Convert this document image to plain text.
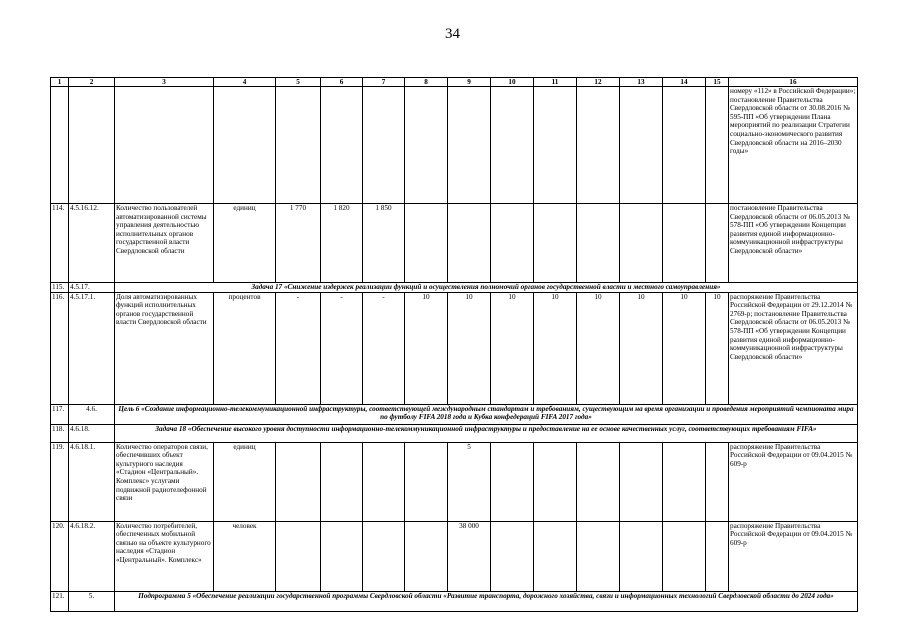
34
1	2	3	4	5	6	7	8	9	10	11	12	13	14	15	16
															номеру «112» в Российской Федерации»; постановление Правительства Свердловской области от 30.08.2016 № 595-ПП «Об утверждении Плана мероприятий по реализации Стратегии социально-экономического развития Свердловской области на 2016–2030 годы»
114.	4.5.16.12.	Количество пользователей автоматизированной системы управления деятельностью исполнительных органов государственной власти Свердловской области	единиц	1 770	1 820	1 850									постановление Правительства Свердловской области от 06.05.2013 № 578-ПП «Об утверждении Концепции развития единой информационно-коммуникационной инфраструктуры Свердловской области»
115.	4.5.17.	Задача 17 «Снижение издержек реализации функций и осуществления полномочий органов государственной власти и местного самоуправления»													
116.	4.5.17.1.	Доля автоматизированных функций исполнительных органов государственной власти Свердловской области	процентов	-	-	-	10	10	10	10	10	10	10	10	распоряжение Правительства Российской Федерации от 29.12.2014 № 2769-р; постановление Правительства Свердловской области от 06.05.2013 № 578-ПП «Об утверждении Концепции развития единой информационно-коммуникационной инфраструктуры Свердловской области»
117.	4.6.	Цель 6 «Создание информационно-телекоммуникационной инфраструктуры, соответствующей международным стандартам и требованиям, существующим на время организации и проведения мероприятий чемпионата мира по футболу FIFA 2018 года и Кубка конфедераций FIFA 2017 года»													
118.	4.6.18.	Задача 18 «Обеспечение высокого уровня доступности информационно-телекоммуникационной инфраструктуры и предоставление на ее основе качественных услуг, соответствующих требованиям FIFA»													
119.	4.6.18.1.	Количество операторов связи, обеспечивших объект культурного наследия «Стадион «Центральный». Комплекс» услугами подвижной радиотелефонной связи	единиц					5							распоряжение Правительства Российской Федерации от 09.04.2015 № 609-р
120.	4.6.18.2.	Количество потребителей, обеспеченных мобильной связью на объекте культурного наследия «Стадион «Центральный». Комплекс»	человек					38 000							распоряжение Правительства Российской Федерации от 09.04.2015 № 609-р
121.	5.	Подпрограмма 5 «Обеспечение реализации государственной программы Свердловской области «Развитие транспорта, дорожного хозяйства, связи и информационных технологий Свердловской области до 2024 года»													
